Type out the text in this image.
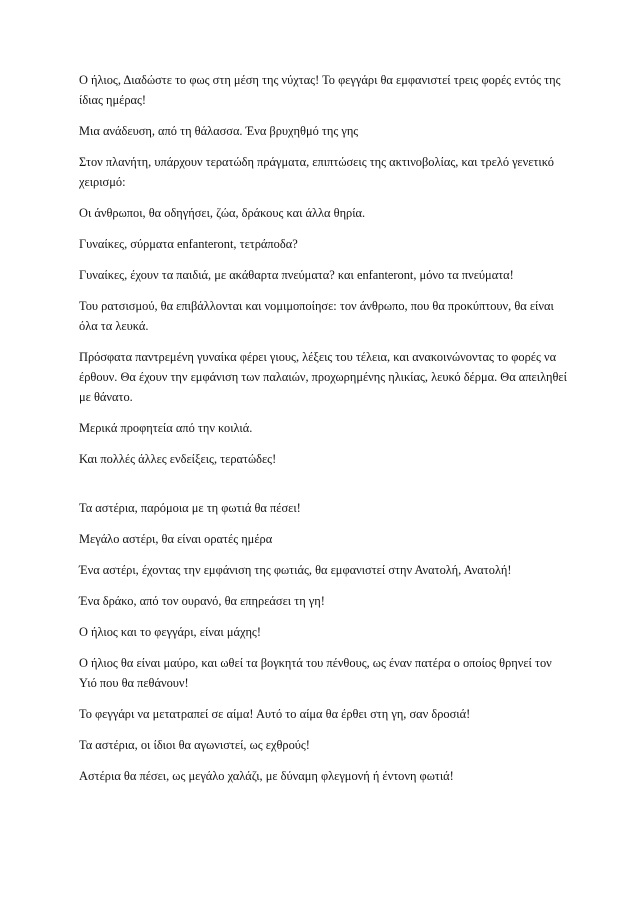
Ο ήλιος, Διαδώστε το φως στη μέση της νύχτας! Το φεγγάρι θα εμφανιστεί τρεις φορές εντός της ίδιας ημέρας!

Μια ανάδευση, από τη θάλασσα. Ένα βρυχηθμό της γης

Στον πλανήτη, υπάρχουν τερατώδη πράγματα, επιπτώσεις της ακτινοβολίας, και τρελό γενετικό χειρισμό:

Οι άνθρωποι, θα οδηγήσει, ζώα, δράκους και άλλα θηρία.

Γυναίκες, σύρματα enfanteront, τετράποδα?

Γυναίκες, έχουν τα παιδιά, με ακάθαρτα πνεύματα? και enfanteront, μόνο τα πνεύματα!

Του ρατσισμού, θα επιβάλλονται και νομιμοποίησε: τον άνθρωπο, που θα προκύπτουν, θα είναι όλα τα λευκά.

Πρόσφατα παντρεμένη γυναίκα φέρει γιους, λέξεις του τέλεια, και ανακοινώνοντας το φορές να έρθουν. Θα έχουν την εμφάνιση των παλαιών, προχωρημένης ηλικίας, λευκό δέρμα. Θα απειληθεί με θάνατο.

Μερικά προφητεία από την κοιλιά.

Και πολλές άλλες ενδείξεις, τερατώδες!

Τα αστέρια, παρόμοια με τη φωτιά θα πέσει!

Μεγάλο αστέρι, θα είναι ορατές ημέρα

Ένα αστέρι, έχοντας την εμφάνιση της φωτιάς, θα εμφανιστεί στην Ανατολή, Ανατολή!

Ένα δράκο, από τον ουρανό, θα επηρεάσει τη γη!

Ο ήλιος και το φεγγάρι, είναι μάχης!

Ο ήλιος θα είναι μαύρο, και ωθεί τα βογκητά του πένθους, ως έναν πατέρα ο οποίος θρηνεί τον Υιό που θα πεθάνουν!

Το φεγγάρι να μετατραπεί σε αίμα! Αυτό το αίμα θα έρθει στη γη, σαν δροσιά!

Τα αστέρια, οι ίδιοι θα αγωνιστεί, ως εχθρούς!

Αστέρια θα πέσει, ως μεγάλο χαλάζι, με δύναμη φλεγμονή ή έντονη φωτιά!
